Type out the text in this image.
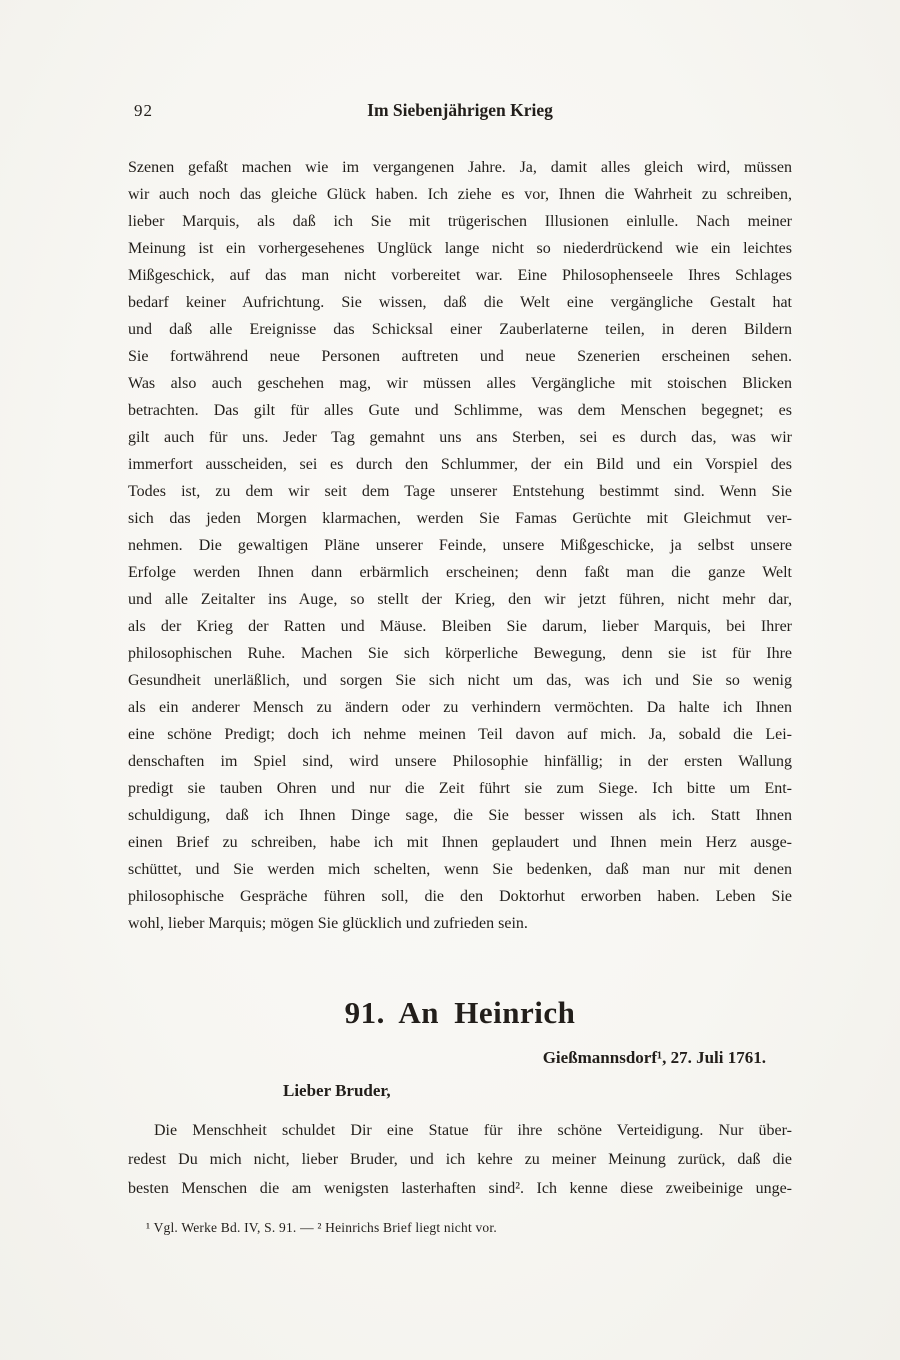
92	Im Siebenjährigen Krieg
Szenen gefaßt machen wie im vergangenen Jahre. Ja, damit alles gleich wird, müssen
wir auch noch das gleiche Glück haben. Ich ziehe es vor, Ihnen die Wahrheit zu schreiben,
lieber Marquis, als daß ich Sie mit trügerischen Illusionen einlulle. Nach meiner
Meinung ist ein vorhergesehenes Unglück lange nicht so niederdrückend wie ein leichtes
Mißgeschick, auf das man nicht vorbereitet war. Eine Philosophenseele Ihres Schlages
bedarf keiner Aufrichtung. Sie wissen, daß die Welt eine vergängliche Gestalt hat
und daß alle Ereignisse das Schicksal einer Zauberlaterne teilen, in deren Bildern
Sie fortwährend neue Personen auftreten und neue Szenerien erscheinen sehen.
Was also auch geschehen mag, wir müssen alles Vergängliche mit stoischen Blicken
betrachten. Das gilt für alles Gute und Schlimme, was dem Menschen begegnet; es
gilt auch für uns. Jeder Tag gemahnt uns ans Sterben, sei es durch das, was wir
immerfort ausscheiden, sei es durch den Schlummer, der ein Bild und ein Vorspiel des
Todes ist, zu dem wir seit dem Tage unserer Entstehung bestimmt sind. Wenn Sie
sich das jeden Morgen klarmachen, werden Sie Famas Gerüchte mit Gleichmut ver-
nehmen. Die gewaltigen Pläne unserer Feinde, unsere Mißgeschicke, ja selbst unsere
Erfolge werden Ihnen dann erbärmlich erscheinen; denn faßt man die ganze Welt
und alle Zeitalter ins Auge, so stellt der Krieg, den wir jetzt führen, nicht mehr dar,
als der Krieg der Ratten und Mäuse. Bleiben Sie darum, lieber Marquis, bei Ihrer
philosophischen Ruhe. Machen Sie sich körperliche Bewegung, denn sie ist für Ihre
Gesundheit unerläßlich, und sorgen Sie sich nicht um das, was ich und Sie so wenig
als ein anderer Mensch zu ändern oder zu verhindern vermöchten. Da halte ich Ihnen
eine schöne Predigt; doch ich nehme meinen Teil davon auf mich. Ja, sobald die Lei-
denschaften im Spiel sind, wird unsere Philosophie hinfällig; in der ersten Wallung
predigt sie tauben Ohren und nur die Zeit führt sie zum Siege. Ich bitte um Ent-
schuldigung, daß ich Ihnen Dinge sage, die Sie besser wissen als ich. Statt Ihnen
einen Brief zu schreiben, habe ich mit Ihnen geplaudert und Ihnen mein Herz ausge-
schüttet, und Sie werden mich schelten, wenn Sie bedenken, daß man nur mit denen
philosophische Gespräche führen soll, die den Doktorhut erworben haben. Leben Sie
wohl, lieber Marquis; mögen Sie glücklich und zufrieden sein.
91. An Heinrich
Gießmannsdorf¹, 27. Juli 1761.
Lieber Bruder,
Die Menschheit schuldet Dir eine Statue für ihre schöne Verteidigung. Nur über-
redest Du mich nicht, lieber Bruder, und ich kehre zu meiner Meinung zurück, daß die
besten Menschen die am wenigsten lasterhaften sind². Ich kenne diese zweibeinige unge-
¹ Vgl. Werke Bd. IV, S. 91. — ² Heinrichs Brief liegt nicht vor.
